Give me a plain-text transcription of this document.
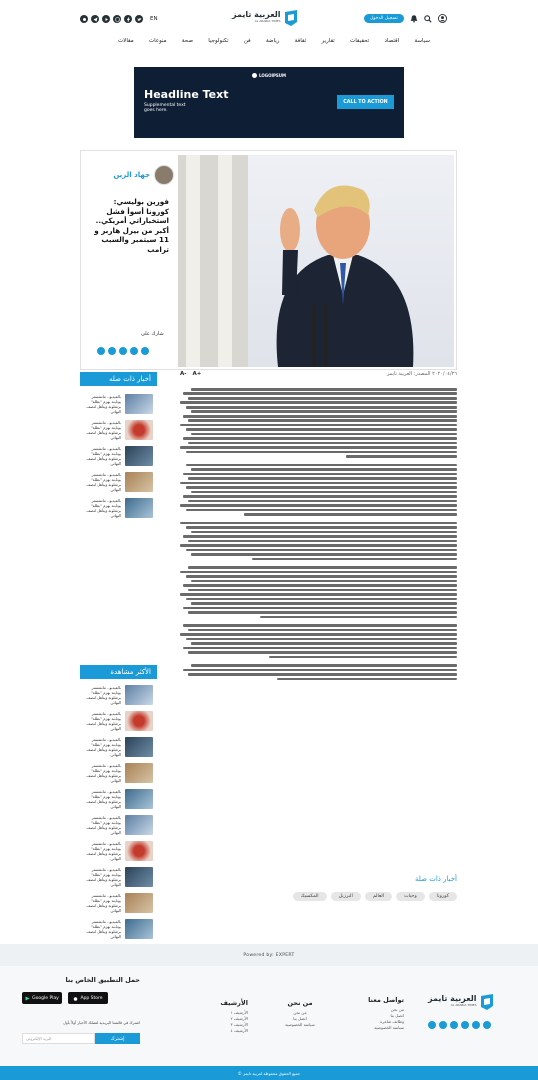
EN	العربية تايمز
AL ARABIA TIMES	تسجيل الدخول
سياسة
اقتصاد
تحقيقات
تقارير
ثقافة
رياضة
فن
تكنولوجيا
صحة
منوعات
مقالات
LOGOIPSUM
Headline Text
Supplemental text
goes here.
CALL TO ACTION
جهاد الزين
فورين بوليسي: كورونا أسوأ فشل استخباراتي أمريكي.. أكبر من بيرل هاربر و 11 سبتمبر والسبب ترامب
شارك على
A- A+	٢٠٢٠/٠٤/٢٦ المصدر: العربية تايمز
أخبار ذات صلة
كورونا
وحيات
العالم
البرزيل
المكسيك
أخبار ذات صله
بالفيديو.. مانشستر يونايتد يهزم "بطلة" برشلونة ويتأهل لنصف النهائي
بالفيديو.. مانشستر يونايتد يهزم "بطلة" برشلونة ويتأهل لنصف النهائي
بالفيديو.. مانشستر يونايتد يهزم "بطلة" برشلونة ويتأهل لنصف النهائي
بالفيديو.. مانشستر يونايتد يهزم "بطلة" برشلونة ويتأهل لنصف النهائي
بالفيديو.. مانشستر يونايتد يهزم "بطلة" برشلونة ويتأهل لنصف النهائي
الأكثر مشاهدة
بالفيديو.. مانشستر يونايتد يهزم "بطلة" برشلونة ويتأهل لنصف النهائي
بالفيديو.. مانشستر يونايتد يهزم "بطلة" برشلونة ويتأهل لنصف النهائي
بالفيديو.. مانشستر يونايتد يهزم "بطلة" برشلونة ويتأهل لنصف النهائي
بالفيديو.. مانشستر يونايتد يهزم "بطلة" برشلونة ويتأهل لنصف النهائي
بالفيديو.. مانشستر يونايتد يهزم "بطلة" برشلونة ويتأهل لنصف النهائي
بالفيديو.. مانشستر يونايتد يهزم "بطلة" برشلونة ويتأهل لنصف النهائي
بالفيديو.. مانشستر يونايتد يهزم "بطلة" برشلونة ويتأهل لنصف النهائي
بالفيديو.. مانشستر يونايتد يهزم "بطلة" برشلونة ويتأهل لنصف النهائي
بالفيديو.. مانشستر يونايتد يهزم "بطلة" برشلونة ويتأهل لنصف النهائي
بالفيديو.. مانشستر يونايتد يهزم "بطلة" برشلونة ويتأهل لنصف النهائي
Powered by: EXPERT
العربية تايمز
AL ARABIA TIMES
تواصل معنا
من نحن
اتصل بنا
وظائف شاغرة
سياسة الخصوصية
من نحن
من نحن
اتصل بنا
سياسة الخصوصية
الأرشيف
الأرشيف ١
الأرشيف ٢
الأرشيف ٣
الأرشيف ٤
حمل التطبيق الخاص بنا
Google Play	App Store
اشترك في قائمتنا البريدية لتصلك الأخبار أولاً بأول
البريد الإلكتروني	إشترك
© جميع الحقوق محفوظة لعربية تايمز
